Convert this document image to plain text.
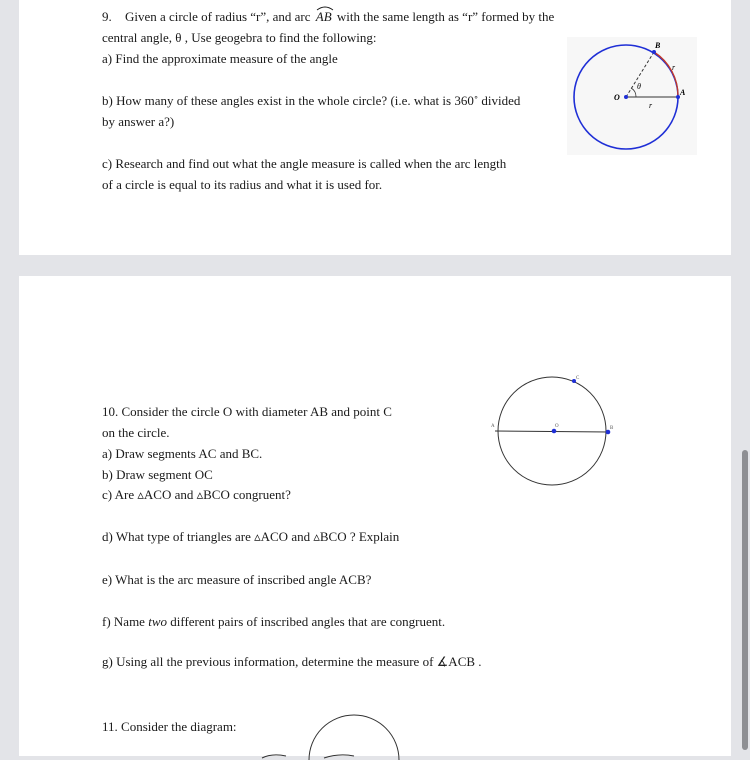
9. Given a circle of radius “r”, and arc AB with the same length as “r” formed by the
central angle, θ , Use geogebra to find the following:
a) Find the approximate measure of the angle
b) How many of these angles exist in the whole circle? (i.e. what is 360˚ divided
by answer a?)
c) Research and find out what the angle measure is called when the arc length
of a circle is equal to its radius and what it is used for.
B
r
O
θ
r
A
10. Consider the circle O with diameter AB and point C
on the circle.
a) Draw segments AC and BC.
b) Draw segment OC
c) Are ▵ACO and ▵BCO congruent?
d) What type of triangles are ▵ACO and ▵BCO ? Explain
e) What is the arc measure of inscribed angle ACB?
f) Name two different pairs of inscribed angles that are congruent.
g) Using all the previous information, determine the measure of ∡ACB .
11. Consider the diagram:
A	B
C
O
